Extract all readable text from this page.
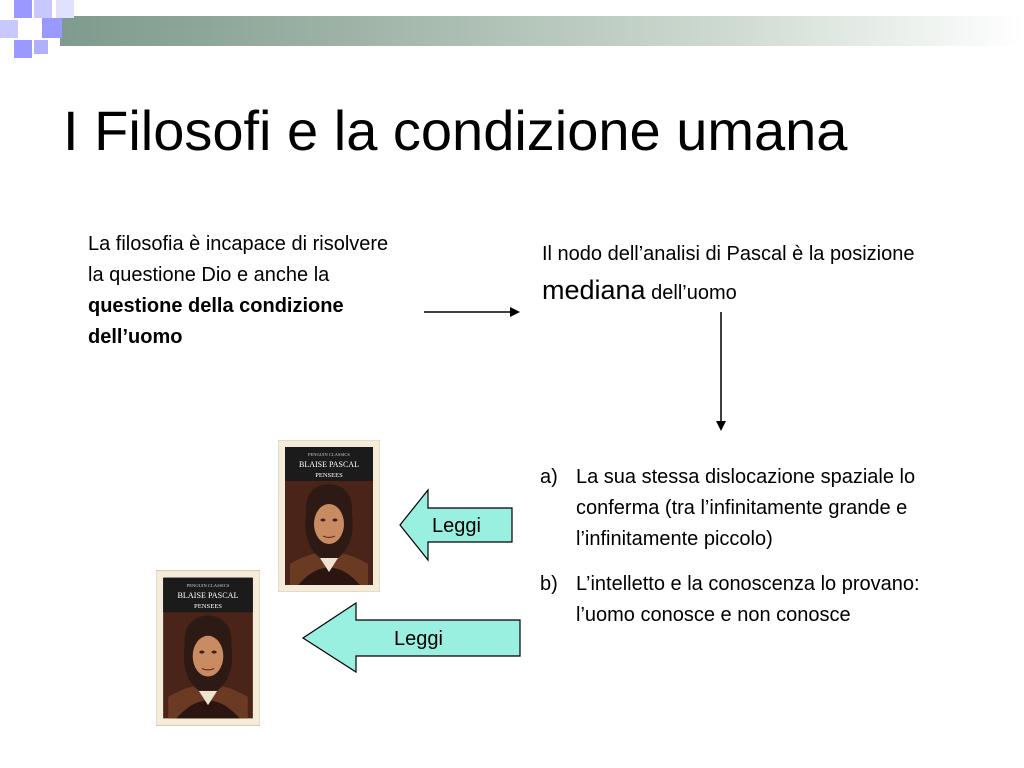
I Filosofi e la condizione umana
La filosofia è incapace di risolvere la questione Dio e anche la questione della condizione dell’uomo
Il nodo dell’analisi di Pascal è la posizione mediana dell’uomo
a) La sua stessa dislocazione spaziale lo conferma (tra l’infinitamente grande e l’infinitamente piccolo)
b) L’intelletto e la conoscenza lo provano: l’uomo conosce e non conosce
Leggi
Leggi
PENGUIN CLASSICS
BLAISE PASCAL
PENSEES
PENGUIN CLASSICS
BLAISE PASCAL
PENSEES
